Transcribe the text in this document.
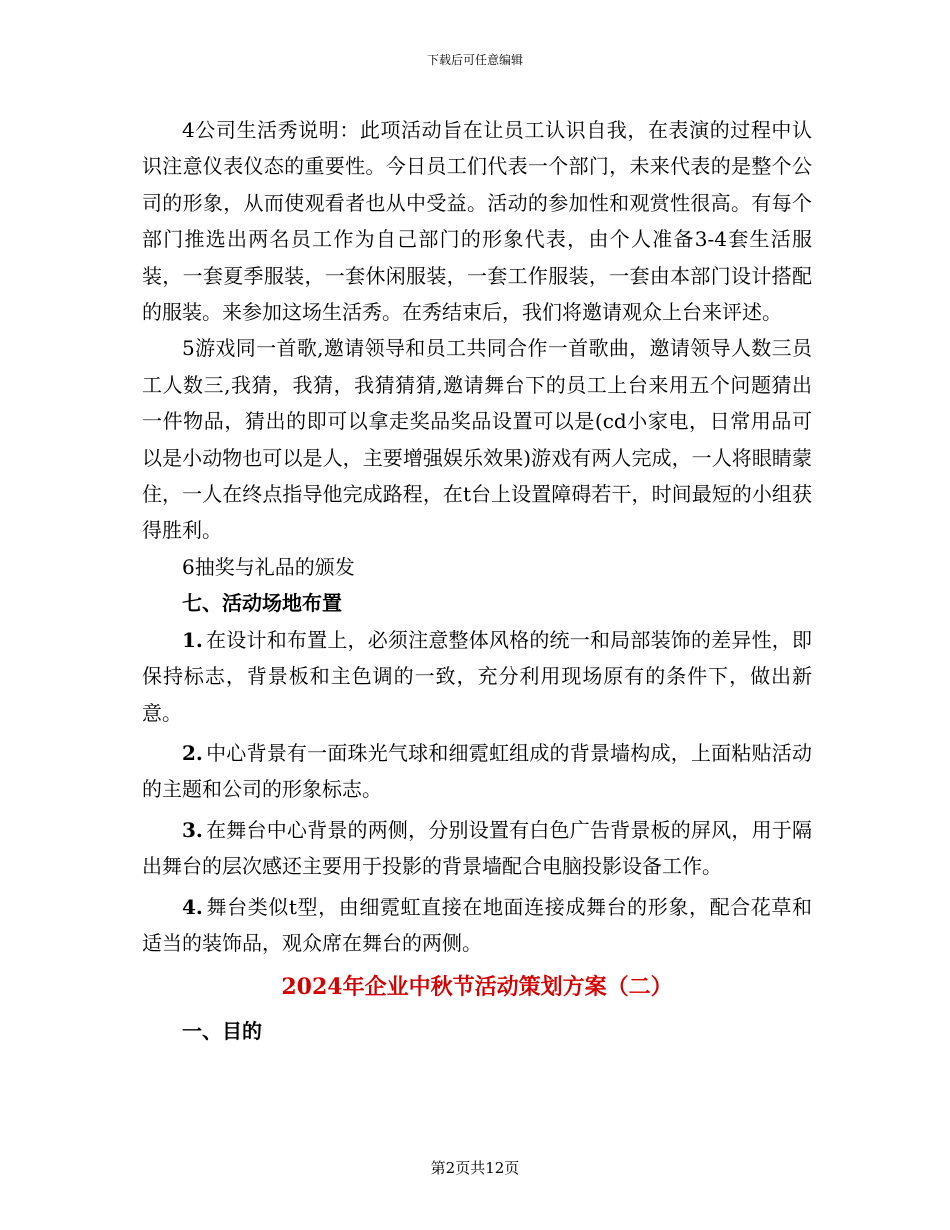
下载后可任意编辑

4公司生活秀说明：此项活动旨在让员工认识自我，在表演的过程中认识注意仪表仪态的重要性。今日员工们代表一个部门，未来代表的是整个公司的形象，从而使观看者也从中受益。活动的参加性和观赏性很高。有每个部门推选出两名员工作为自己部门的形象代表，由个人准备3-4套生活服装，一套夏季服装，一套休闲服装，一套工作服装，一套由本部门设计搭配的服装。来参加这场生活秀。在秀结束后，我们将邀请观众上台来评述。

5游戏同一首歌,邀请领导和员工共同合作一首歌曲，邀请领导人数三员工人数三,我猜，我猜，我猜猜猜,邀请舞台下的员工上台来用五个问题猜出一件物品，猜出的即可以拿走奖品奖品设置可以是(cd小家电，日常用品可以是小动物也可以是人，主要增强娱乐效果)游戏有两人完成，一人将眼睛蒙住，一人在终点指导他完成路程，在t台上设置障碍若干，时间最短的小组获得胜利。

6抽奖与礼品的颁发

七、活动场地布置

1. 在设计和布置上，必须注意整体风格的统一和局部装饰的差异性，即保持标志，背景板和主色调的一致，充分利用现场原有的条件下，做出新意。

2. 中心背景有一面珠光气球和细霓虹组成的背景墙构成，上面粘贴活动的主题和公司的形象标志。

3. 在舞台中心背景的两侧，分别设置有白色广告背景板的屏风，用于隔出舞台的层次感还主要用于投影的背景墙配合电脑投影设备工作。

4. 舞台类似t型，由细霓虹直接在地面连接成舞台的形象，配合花草和适当的装饰品，观众席在舞台的两侧。

2024年企业中秋节活动策划方案（二）

一、目的

第2页共12页
